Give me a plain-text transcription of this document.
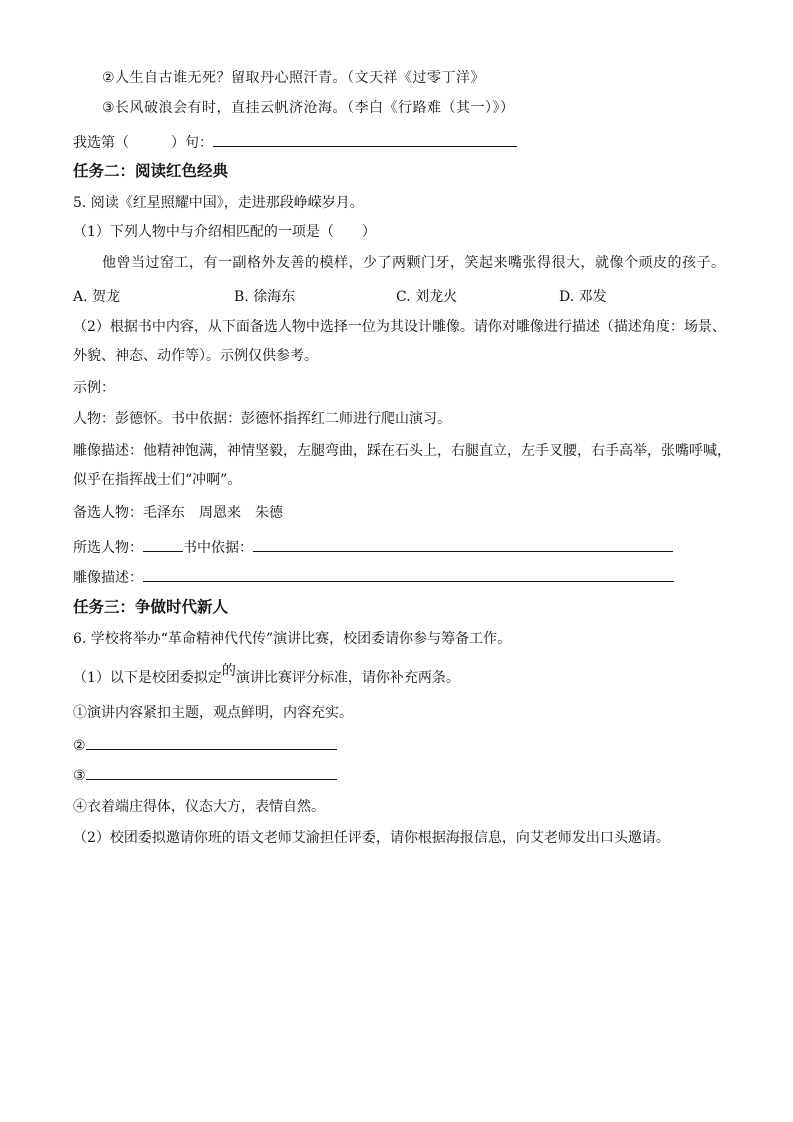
②人生自古谁无死？留取丹心照汗青。（文天祥《过零丁洋》
③长风破浪会有时，直挂云帆济沧海。（李白《行路难（其一）》）
我选第（	）句：
任务二：阅读红色经典
5. 阅读《红星照耀中国》，走进那段峥嵘岁月。
（1）下列人物中与介绍相匹配的一项是（　　）
他曾当过窑工，有一副格外友善的模样，少了两颗门牙，笑起来嘴张得很大，就像个顽皮的孩子。
A. 贺龙	B. 徐海东	C. 刘龙火	D. 邓发
（2）根据书中内容，从下面备选人物中选择一位为其设计雕像。请你对雕像进行描述（描述角度：场景、
外貌、神态、动作等）。示例仅供参考。
示例：
人物：彭德怀。书中依据：彭德怀指挥红二师进行爬山演习。
雕像描述：他精神饱满，神情坚毅，左腿弯曲，踩在石头上，右腿直立，左手叉腰，右手高举，张嘴呼喊，
似乎在指挥战士们“冲啊”。
备选人物：毛泽东　周恩来　朱德
所选人物：	书中依据：
雕像描述：
任务三：争做时代新人
6. 学校将举办“革命精神代代传”演讲比赛，校团委请你参与筹备工作。
（1）以下是校团委拟定的演讲比赛评分标准，请你补充两条。
①演讲内容紧扣主题，观点鲜明，内容充实。
②
③
④衣着端庄得体，仪态大方，表情自然。
（2）校团委拟邀请你班的语文老师艾渝担任评委，请你根据海报信息，向艾老师发出口头邀请。
